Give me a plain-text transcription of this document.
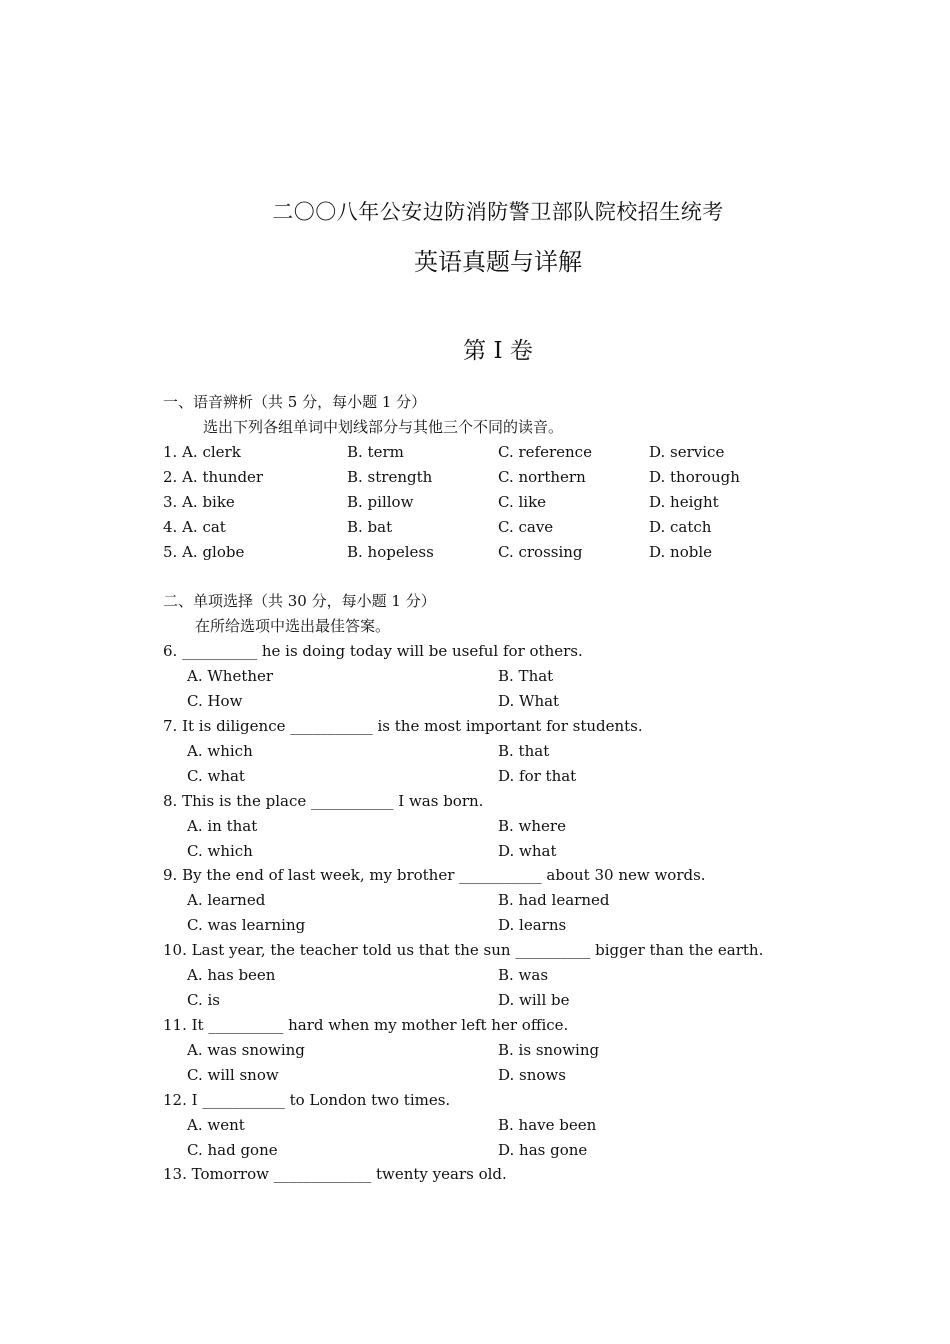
二〇〇八年公安边防消防警卫部队院校招生统考
英语真题与详解
第 I 卷
一、语音辨析（共 5 分，每小题 1 分）
选出下列各组单词中划线部分与其他三个不同的读音。
1. A. clerk	B. term	C. reference	D. service
2. A. thunder	B. strength	C. northern	D. thorough
3. A. bike	B. pillow	C. like	D. height
4. A. cat	B. bat	C. cave	D. catch
5. A. globe	B. hopeless	C. crossing	D. noble
二、单项选择（共 30 分，每小题 1 分）
在所给选项中选出最佳答案。
6. __________ he is doing today will be useful for others.
A. Whether	B. That
C. How	D. What
7. It is diligence ___________ is the most important for students.
A. which	B. that
C. what	D. for that
8. This is the place ___________ I was born.
A. in that	B. where
C. which	D. what
9. By the end of last week, my brother ___________ about 30 new words.
A. learned	B. had learned
C. was learning	D. learns
10. Last year, the teacher told us that the sun __________ bigger than the earth.
A. has been	B. was
C. is	D. will be
11. It __________ hard when my mother left her office.
A. was snowing	B. is snowing
C. will snow	D. snows
12. I ___________ to London two times.
A. went	B. have been
C. had gone	D. has gone
13. Tomorrow _____________ twenty years old.
